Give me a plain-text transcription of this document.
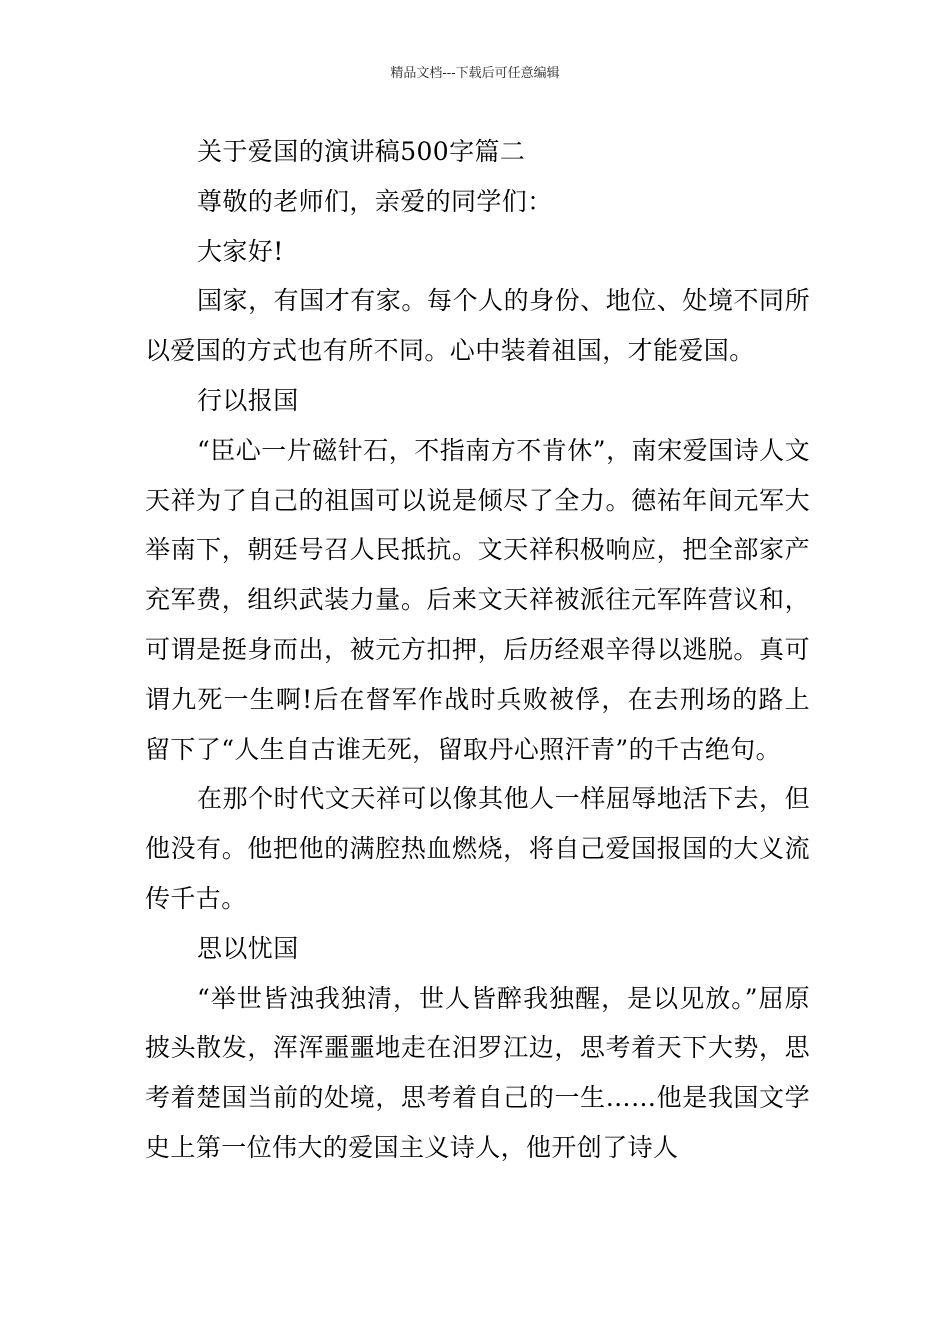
精品文档---下载后可任意编辑

关于爱国的演讲稿500字篇二

尊敬的老师们，亲爱的同学们：

大家好!

国家，有国才有家。每个人的身份、地位、处境不同所以爱国的方式也有所不同。心中装着祖国，才能爱国。

行以报国

“臣心一片磁针石，不指南方不肯休”，南宋爱国诗人文天祥为了自己的祖国可以说是倾尽了全力。德祐年间元军大举南下，朝廷号召人民抵抗。文天祥积极响应，把全部家产充军费，组织武装力量。后来文天祥被派往元军阵营议和，可谓是挺身而出，被元方扣押，后历经艰辛得以逃脱。真可谓九死一生啊!后在督军作战时兵败被俘，在去刑场的路上留下了“人生自古谁无死，留取丹心照汗青”的千古绝句。

在那个时代文天祥可以像其他人一样屈辱地活下去，但他没有。他把他的满腔热血燃烧，将自己爱国报国的大义流传千古。

思以忧国

“举世皆浊我独清，世人皆醉我独醒，是以见放。”屈原披头散发，浑浑噩噩地走在汨罗江边，思考着天下大势，思考着楚国当前的处境，思考着自己的一生……他是我国文学史上第一位伟大的爱国主义诗人，他开创了诗人
